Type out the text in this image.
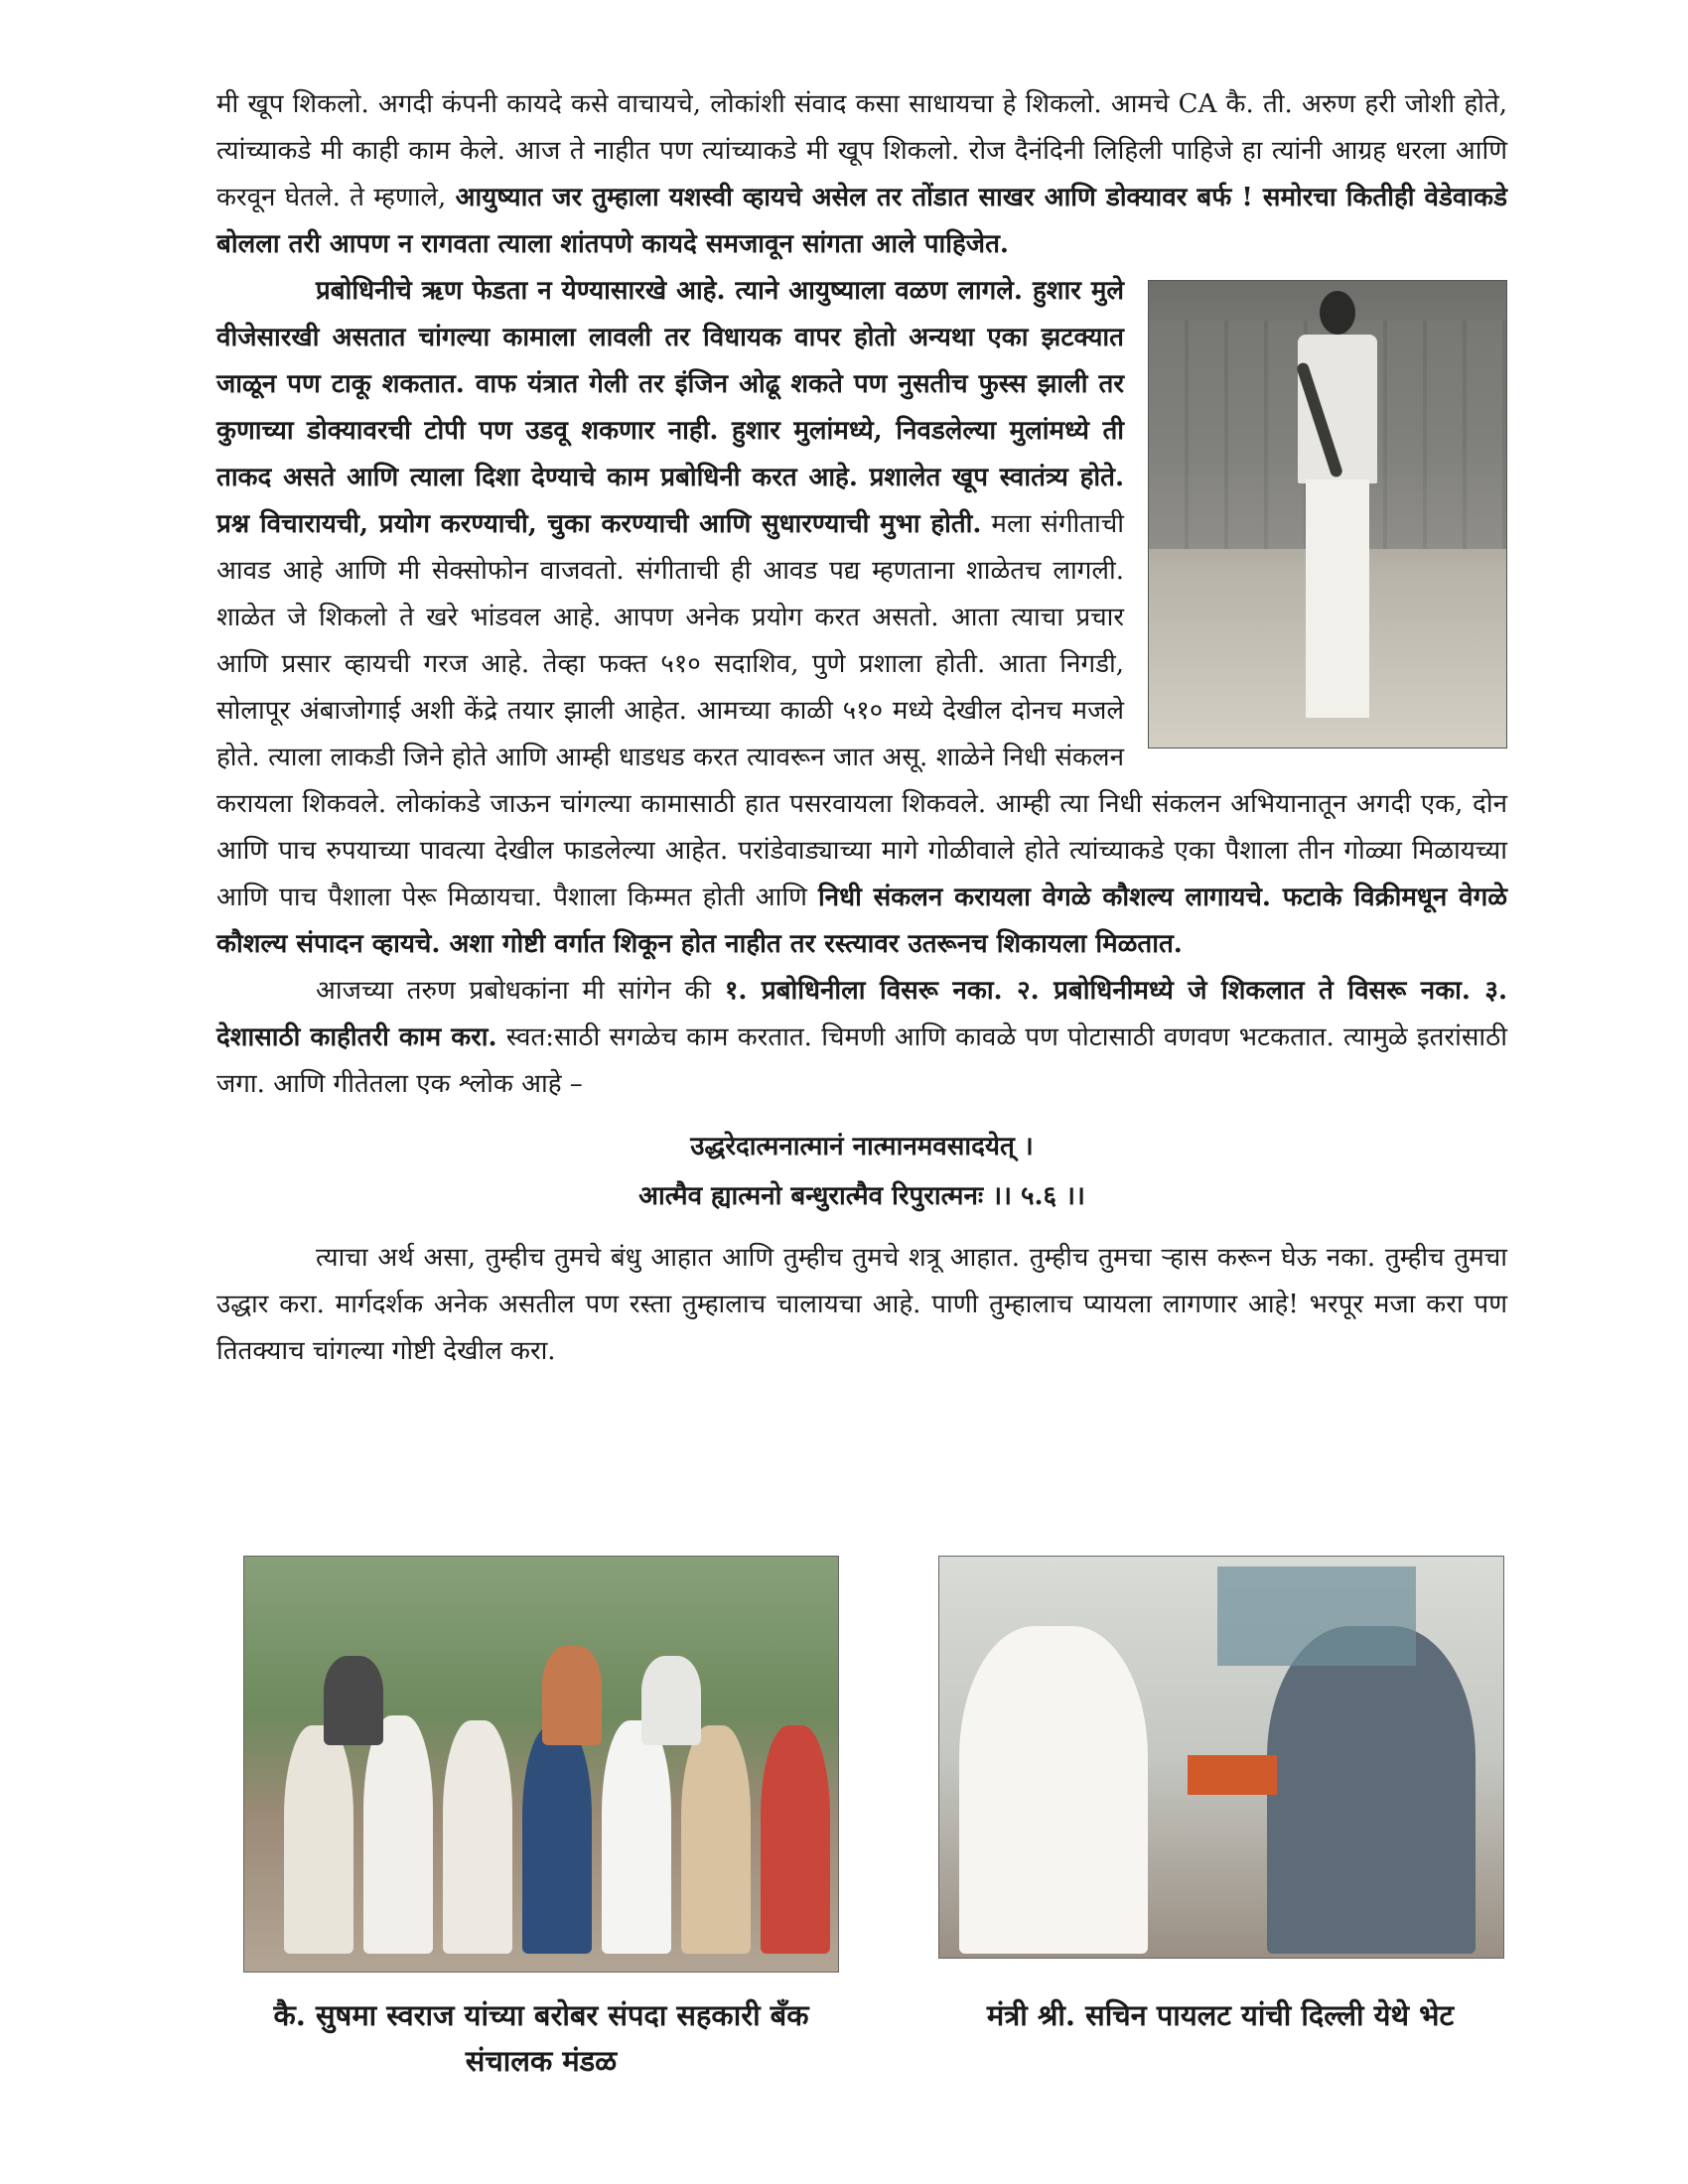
मी खूप शिकलो. अगदी कंपनी कायदे कसे वाचायचे, लोकांशी संवाद कसा साधायचा हे शिकलो. आमचे CA कै. ती. अरुण हरी जोशी होते, त्यांच्याकडे मी काही काम केले. आज ते नाहीत पण त्यांच्याकडे मी खूप शिकलो. रोज दैनंदिनी लिहिली पाहिजे हा त्यांनी आग्रह धरला आणि करवून घेतले. ते म्हणाले, आयुष्यात जर तुम्हाला यशस्वी व्हायचे असेल तर तोंडात साखर आणि डोक्यावर बर्फ ! समोरचा कितीही वेडेवाकडे बोलला तरी आपण न रागवता त्याला शांतपणे कायदे समजावून सांगता आले पाहिजेत.

प्रबोधिनीचे ऋण फेडता न येण्यासारखे आहे. त्याने आयुष्याला वळण लागले. हुशार मुले वीजेसारखी असतात चांगल्या कामाला लावली तर विधायक वापर होतो अन्यथा एका झटक्यात जाळून पण टाकू शकतात. वाफ यंत्रात गेली तर इंजिन ओढू शकते पण नुसतीच फुस्स झाली तर कुणाच्या डोक्यावरची टोपी पण उडवू शकणार नाही. हुशार मुलांमध्ये, निवडलेल्या मुलांमध्ये ती ताकद असते आणि त्याला दिशा देण्याचे काम प्रबोधिनी करत आहे. प्रशालेत खूप स्वातंत्र्य होते. प्रश्न विचारायची, प्रयोग करण्याची, चुका करण्याची आणि सुधारण्याची मुभा होती. मला संगीताची आवड आहे आणि मी सेक्सोफोन वाजवतो. संगीताची ही आवड पद्य म्हणताना शाळेतच लागली. शाळेत जे शिकलो ते खरे भांडवल आहे. आपण अनेक प्रयोग करत असतो. आता त्याचा प्रचार आणि प्रसार व्हायची गरज आहे. तेव्हा फक्त ५१० सदाशिव, पुणे प्रशाला होती. आता निगडी, सोलापूर अंबाजोगाई अशी केंद्रे तयार झाली आहेत. आमच्या काळी ५१० मध्ये देखील दोनच मजले होते. त्याला लाकडी जिने होते आणि आम्ही धाडधड करत त्यावरून जात असू. शाळेने निधी संकलन करायला शिकवले. लोकांकडे जाऊन चांगल्या कामासाठी हात पसरवायला शिकवले. आम्ही त्या निधी संकलन अभियानातून अगदी एक, दोन आणि पाच रुपयाच्या पावत्या देखील फाडलेल्या आहेत. परांडेवाड्याच्या मागे गोळीवाले होते त्यांच्याकडे एका पैशाला तीन गोळ्या मिळायच्या आणि पाच पैशाला पेरू मिळायचा. पैशाला किम्मत होती आणि निधी संकलन करायला वेगळे कौशल्य लागायचे. फटाके विक्रीमधून वेगळे कौशल्य संपादन व्हायचे. अशा गोष्टी वर्गात शिकून होत नाहीत तर रस्त्यावर उतरूनच शिकायला मिळतात.

आजच्या तरुण प्रबोधकांना मी सांगेन की १. प्रबोधिनीला विसरू नका. २. प्रबोधिनीमध्ये जे शिकलात ते विसरू नका. ३. देशासाठी काहीतरी काम करा. स्वत:साठी सगळेच काम करतात. चिमणी आणि कावळे पण पोटासाठी वणवण भटकतात. त्यामुळे इतरांसाठी जगा. आणि गीतेतला एक श्लोक आहे –

उद्धरेदात्मनात्मानं नात्मानमवसादयेत् ।
आत्मैव ह्यात्मनो बन्धुरात्मैव रिपुरात्मनः ।। ५.६ ।।

त्याचा अर्थ असा, तुम्हीच तुमचे बंधु आहात आणि तुम्हीच तुमचे शत्रू आहात. तुम्हीच तुमचा ऱ्हास करून घेऊ नका. तुम्हीच तुमचा उद्धार करा. मार्गदर्शक अनेक असतील पण रस्ता तुम्हालाच चालायचा आहे. पाणी तुम्हालाच प्यायला लागणार आहे! भरपूर मजा करा पण तितक्याच चांगल्या गोष्टी देखील करा.

कै. सुषमा स्वराज यांच्या बरोबर संपदा सहकारी बँक संचालक मंडळ
मंत्री श्री. सचिन पायलट यांची दिल्ली येथे भेट
